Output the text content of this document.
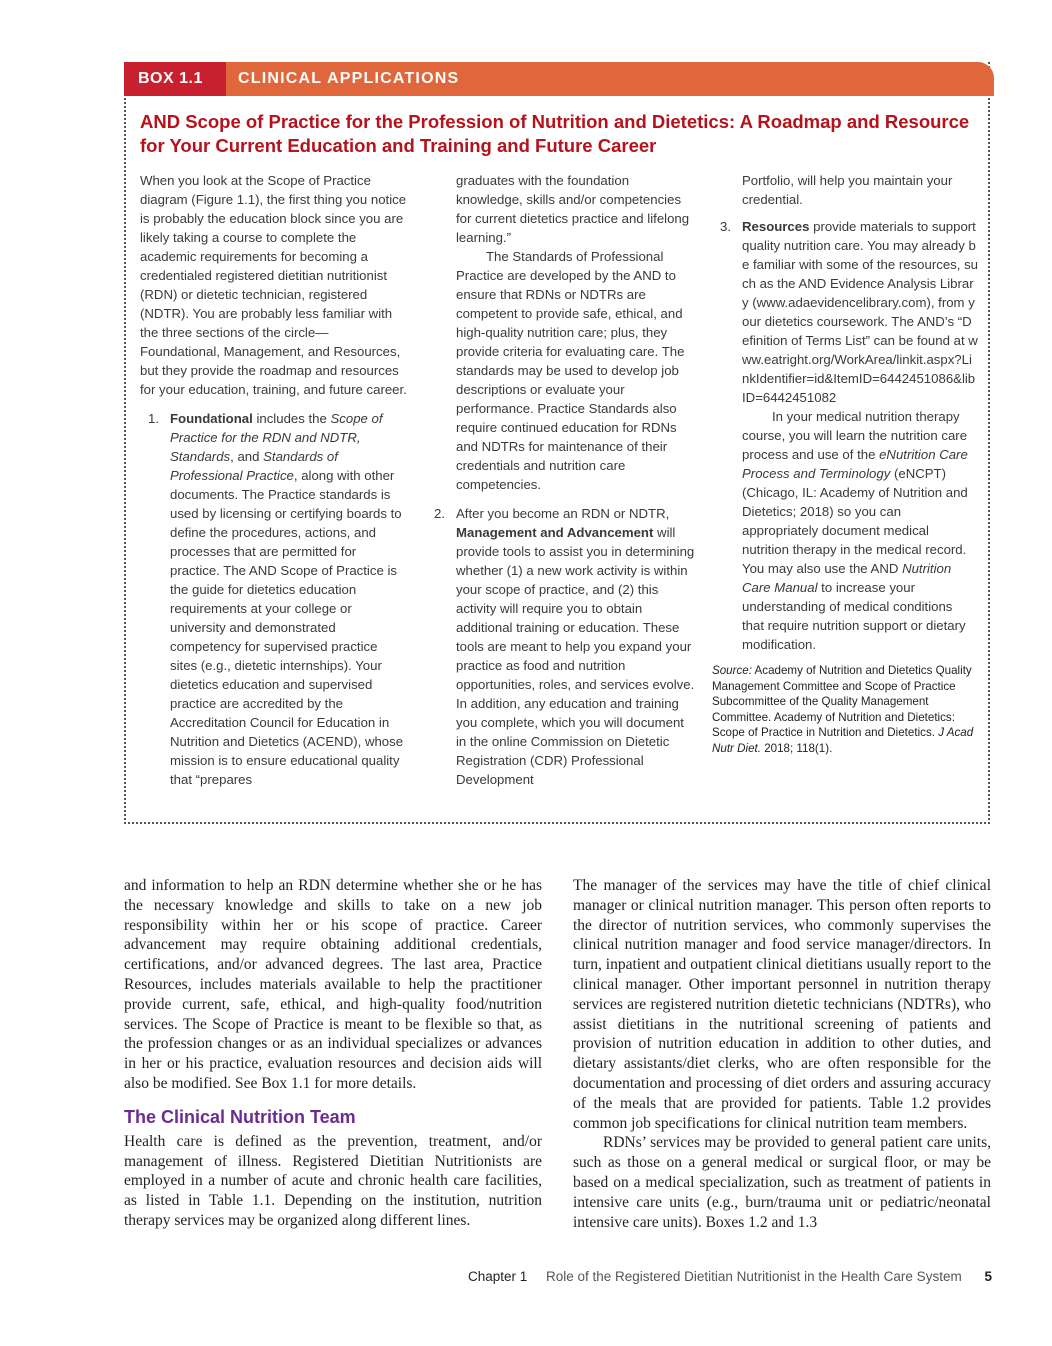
BOX 1.1	CLINICAL APPLICATIONS
AND Scope of Practice for the Profession of Nutrition and Dietetics: A Roadmap and Resource for Your Current Education and Training and Future Career

When you look at the Scope of Practice diagram (Figure 1.1), the first thing you notice is probably the education block since you are likely taking a course to complete the academic requirements for becoming a credentialed registered dietitian nutritionist (RDN) or dietetic technician, registered (NDTR). You are probably less familiar with the three sections of the circle—Foundational, Management, and Resources, but they provide the roadmap and resources for your education, training, and future career.

1. Foundational includes the Scope of Practice for the RDN and NDTR, Standards, and Standards of Professional Practice, along with other documents. The Practice standards is used by licensing or certifying boards to define the procedures, actions, and processes that are permitted for practice. The AND Scope of Practice is the guide for dietetics education requirements at your college or university and demonstrated competency for supervised practice sites (e.g., dietetic internships). Your dietetics education and supervised practice are accredited by the Accreditation Council for Education in Nutrition and Dietetics (ACEND), whose mission is to ensure educational quality that “prepares

graduates with the foundation knowledge, skills and/or competencies for current dietetics practice and lifelong learning.”

The Standards of Professional Practice are developed by the AND to ensure that RDNs or NDTRs are competent to provide safe, ethical, and high-quality nutrition care; plus, they provide criteria for evaluating care. The standards may be used to develop job descriptions or evaluate your performance. Practice Standards also require continued education for RDNs and NDTRs for maintenance of their credentials and nutrition care competencies.

2. After you become an RDN or NDTR, Management and Advancement will provide tools to assist you in determining whether (1) a new work activity is within your scope of practice, and (2) this activity will require you to obtain additional training or education. These tools are meant to help you expand your practice as food and nutrition opportunities, roles, and services evolve. In addition, any education and training you complete, which you will document in the online Commission on Dietetic Registration (CDR) Professional Development

Portfolio, will help you maintain your credential.

3. Resources provide materials to support quality nutrition care. You may already be familiar with some of the resources, such as the AND Evidence Analysis Library (www.adaevidencelibrary.com), from your dietetics coursework. The AND’s “Definition of Terms List” can be found at www.eatright.org/WorkArea/linkit.aspx?LinkIdentifier=id&ItemID=6442451086&libID=6442451082

In your medical nutrition therapy course, you will learn the nutrition care process and use of the eNutrition Care Process and Terminology (eNCPT) (Chicago, IL: Academy of Nutrition and Dietetics; 2018) so you can appropriately document medical nutrition therapy in the medical record. You may also use the AND Nutrition Care Manual to increase your understanding of medical conditions that require nutrition support or dietary modification.

Source: Academy of Nutrition and Dietetics Quality Management Committee and Scope of Practice Subcommittee of the Quality Management Committee. Academy of Nutrition and Dietetics: Scope of Practice in Nutrition and Dietetics. J Acad Nutr Diet. 2018; 118(1).

and information to help an RDN determine whether she or he has the necessary knowledge and skills to take on a new job responsibility within her or his scope of practice. Career advancement may require obtaining additional credentials, certifications, and/or advanced degrees. The last area, Practice Resources, includes materials available to help the practitioner provide current, safe, ethical, and high-quality food/nutrition services. The Scope of Practice is meant to be flexible so that, as the profession changes or as an individual specializes or advances in her or his practice, evaluation resources and decision aids will also be modified. See Box 1.1 for more details.

The Clinical Nutrition Team

Health care is defined as the prevention, treatment, and/or management of illness. Registered Dietitian Nutritionists are employed in a number of acute and chronic health care facilities, as listed in Table 1.1. Depending on the institution, nutrition therapy services may be organized along different lines.

The manager of the services may have the title of chief clinical manager or clinical nutrition manager. This person often reports to the director of nutrition services, who commonly supervises the clinical nutrition manager and food service manager/directors. In turn, inpatient and outpatient clinical dietitians usually report to the clinical manager. Other important personnel in nutrition therapy services are registered nutrition dietetic technicians (NDTRs), who assist dietitians in the nutritional screening of patients and provision of nutrition education in addition to other duties, and dietary assistants/diet clerks, who are often responsible for the documentation and processing of diet orders and assuring accuracy of the meals that are provided for patients. Table 1.2 provides common job specifications for clinical nutrition team members.

RDNs’ services may be provided to general patient care units, such as those on a general medical or surgical floor, or may be based on a medical specialization, such as treatment of patients in intensive care units (e.g., burn/trauma unit or pediatric/neonatal intensive care units). Boxes 1.2 and 1.3

Chapter 1 Role of the Registered Dietitian Nutritionist in the Health Care System 5
